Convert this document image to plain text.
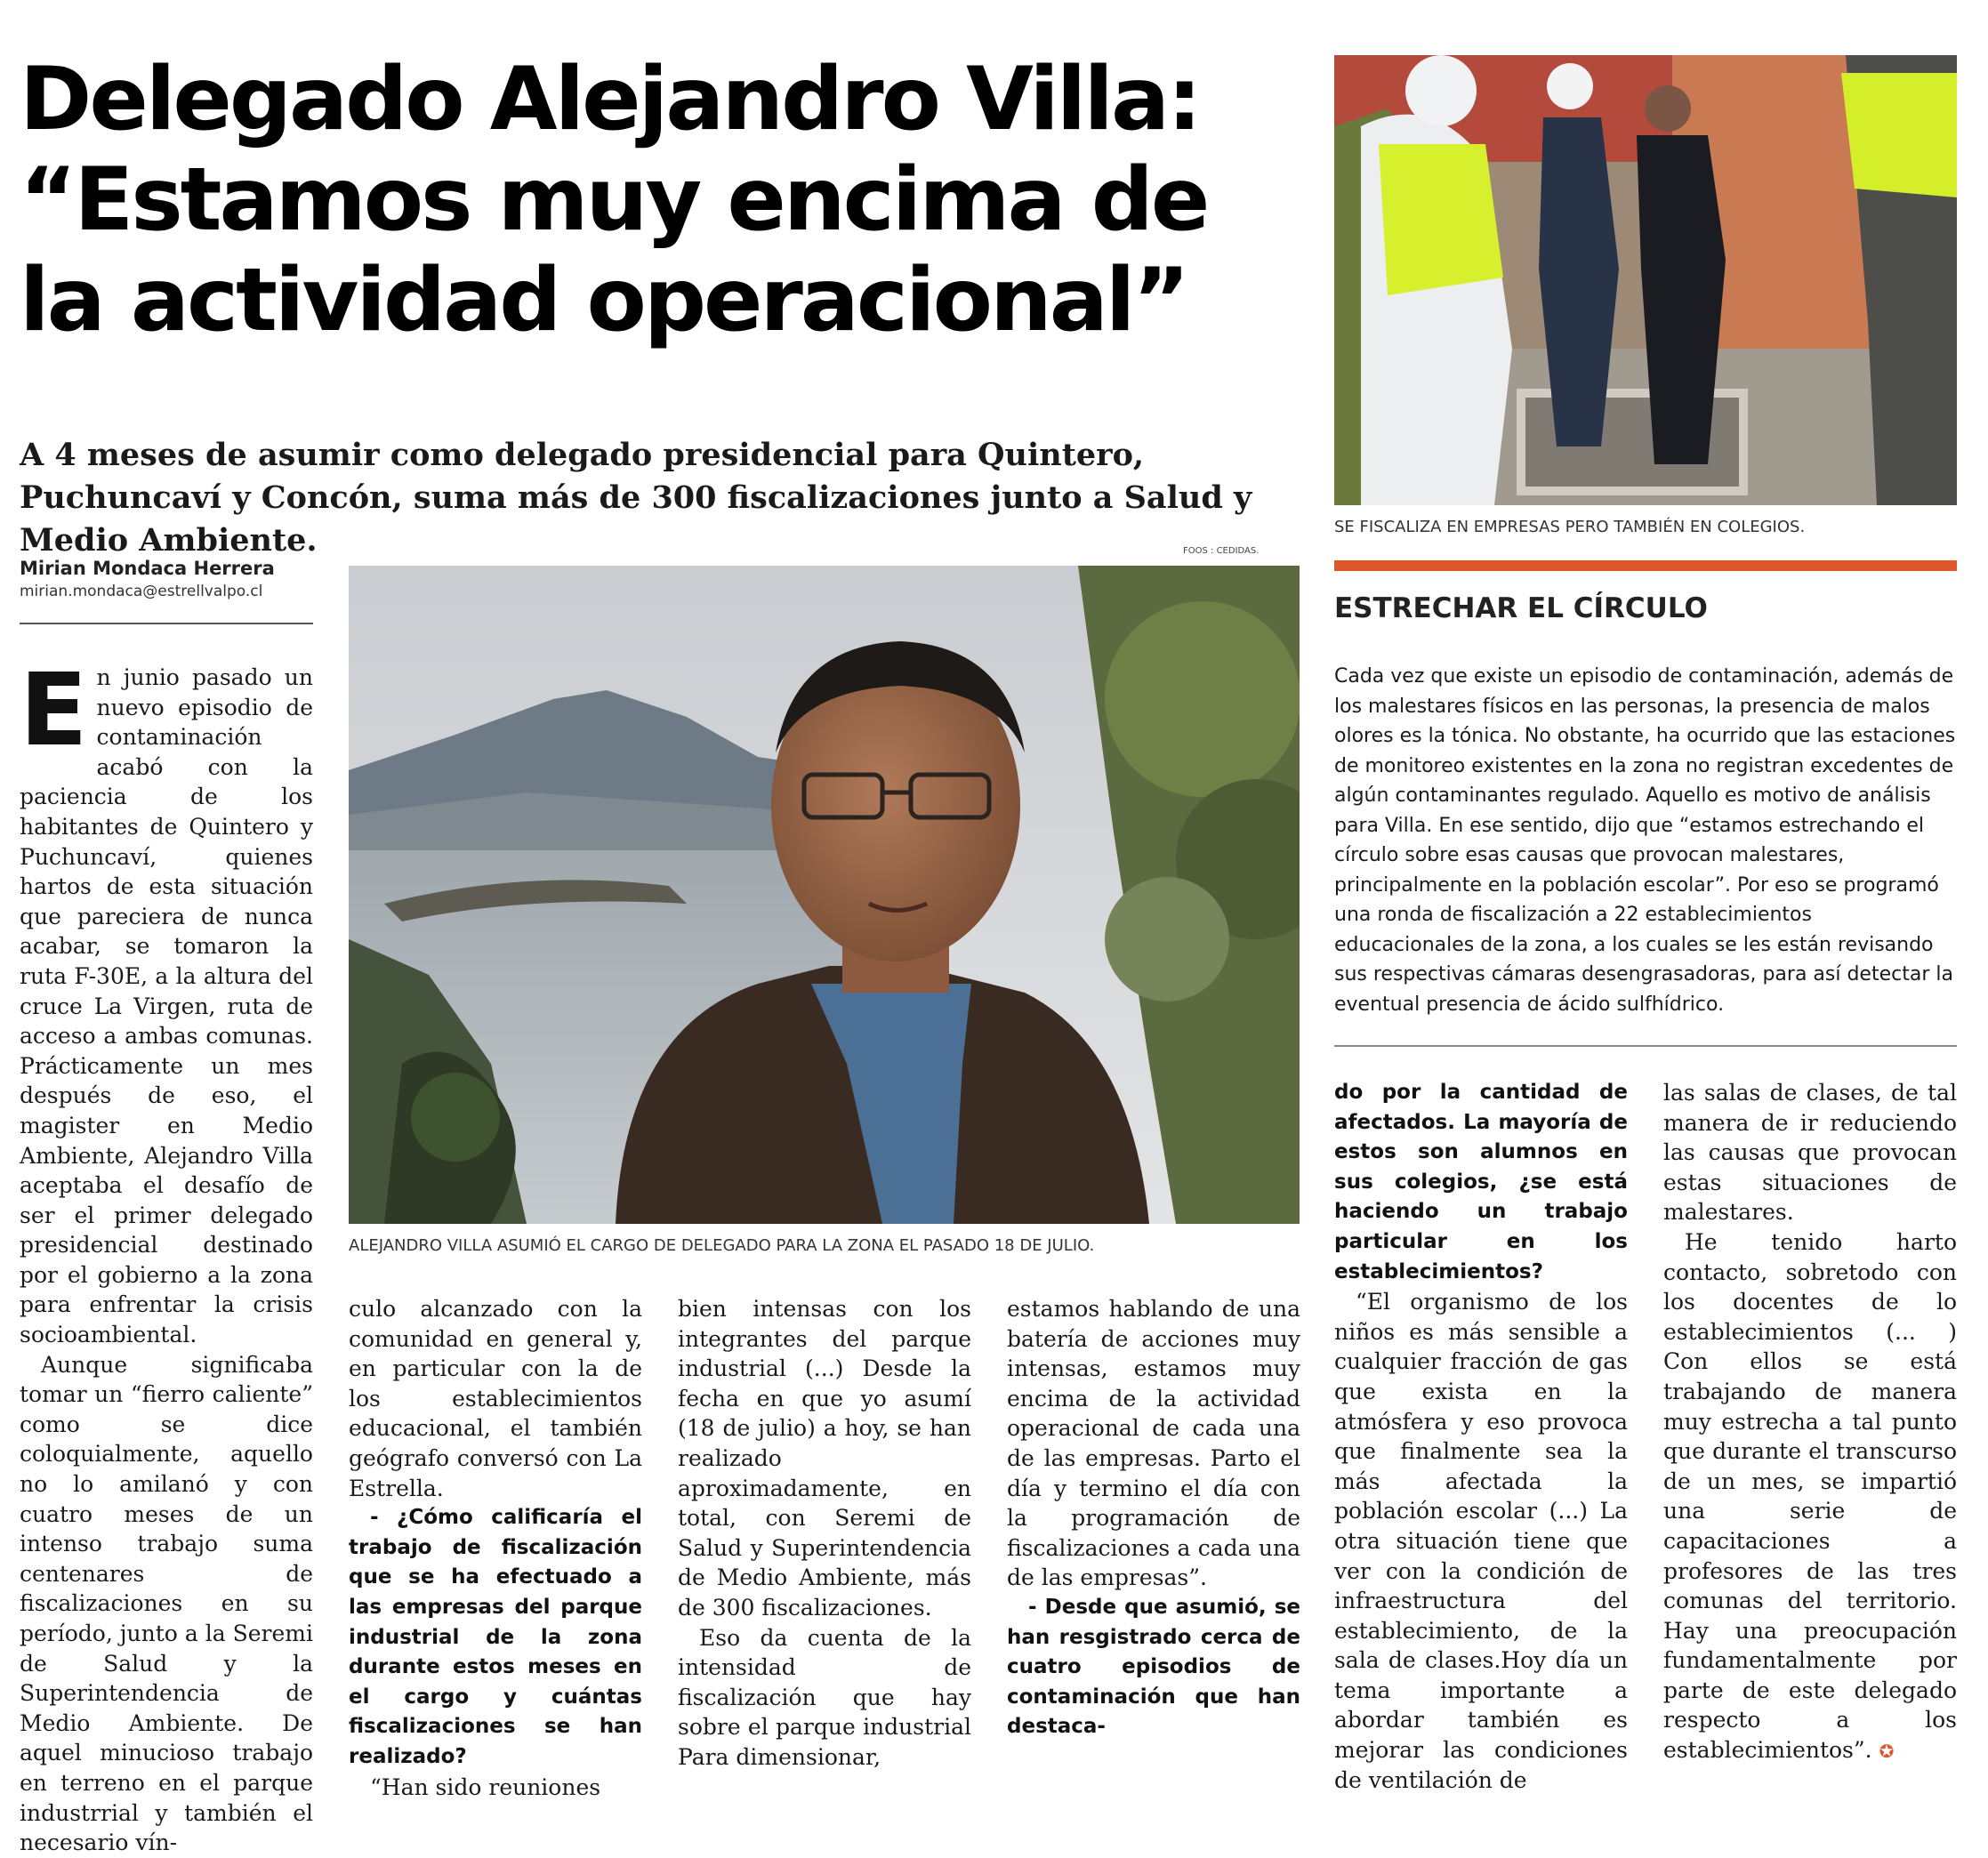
Delegado Alejandro Villa:
“Estamos muy encima de
la actividad operacional”

A 4 meses de asumir como delegado presidencial para Quintero, Puchuncaví y Concón, suma más de 300 fiscalizaciones junto a Salud y Medio Ambiente.

Mirian Mondaca Herrera
mirian.mondaca@estrellvalpo.cl
FOOS : CEDIDAS.
ALEJANDRO VILLA ASUMIÓ EL CARGO DE DELEGADO PARA LA ZONA EL PASADO 18 DE JULIO.
SE FISCALIZA EN EMPRESAS PERO TAMBIÉN EN COLEGIOS.
ESTRECHAR EL CÍRCULO

Cada vez que existe un episodio de contaminación, además de los malestares físicos en las personas, la presencia de malos olores es la tónica. No obstante, ha ocurrido que las estaciones de monitoreo existentes en la zona no registran excedentes de algún contaminantes regulado. Aquello es motivo de análisis para Villa. En ese sentido, dijo que “estamos estrechando el círculo sobre esas causas que provocan malestares, principalmente en la población escolar”. Por eso se programó una ronda de fiscalización a 22 establecimientos educacionales de la zona, a los cuales se les están revisando sus respectivas cámaras desengrasadoras, para así detectar la eventual presencia de ácido sulfhídrico.

En junio pasado un nuevo episodio de contaminación acabó con la paciencia de los habitantes de Quintero y Puchuncaví, quienes hartos de esta situación que pareciera de nunca acabar, se tomaron la ruta F-30E, a la altura del cruce La Virgen, ruta de acceso a ambas comunas. Prácticamente un mes después de eso, el magister en Medio Ambiente, Alejandro Villa aceptaba el desafío de ser el primer delegado presidencial destinado por el gobierno a la zona para enfrentar la crisis socioambiental.

Aunque significaba tomar un “fierro caliente” como se dice coloquialmente, aquello no lo amilanó y con cuatro meses de un intenso trabajo suma centenares de fiscalizaciones en su período, junto a la Seremi de Salud y la Superintendencia de Medio Ambiente. De aquel minucioso trabajo en terreno en el parque industrrial y también el necesario vín-

culo alcanzado con la comunidad en general y, en particular con la de los establecimientos educacional, el también geógrafo conversó con La Estrella.

- ¿Cómo calificaría el trabajo de fiscalización que se ha efectuado a las empresas del parque industrial de la zona durante estos meses en el cargo y cuántas fiscalizaciones se han realizado?

“Han sido reuniones

bien intensas con los integrantes del parque industrial (...) Desde la fecha en que yo asumí (18 de julio) a hoy, se han realizado aproximadamente, en total, con Seremi de Salud y Superintendencia de Medio Ambiente, más de 300 fiscalizaciones.

Eso da cuenta de la intensidad de fiscalización que hay sobre el parque industrial Para dimensionar,

estamos hablando de una batería de acciones muy intensas, estamos muy encima de la actividad operacional de cada una de las empresas. Parto el día y termino el día con la programación de fiscalizaciones a cada una de las empresas”.

- Desde que asumió, se han resgistrado cerca de cuatro episodios de contaminación que han destaca-

do por la cantidad de afectados. La mayoría de estos son alumnos en sus colegios, ¿se está haciendo un trabajo particular en los establecimientos?

“El organismo de los niños es más sensible a cualquier fracción de gas que exista en la atmósfera y eso provoca que finalmente sea la más afectada la población escolar (...) La otra situación tiene que ver con la condición de infraestructura del establecimiento, de la sala de clases.Hoy día un tema importante a abordar también es mejorar las condiciones de ventilación de

las salas de clases, de tal manera de ir reduciendo las causas que provocan estas situaciones de malestares.

He tenido harto contacto, sobretodo con los docentes de lo establecimientos (... ) Con ellos se está trabajando de manera muy estrecha a tal punto que durante el transcurso de un mes, se impartió una serie de capacitaciones a profesores de las tres comunas del territorio. Hay una preocupación fundamentalmente por parte de este delegado respecto a los establecimientos”. ✪
